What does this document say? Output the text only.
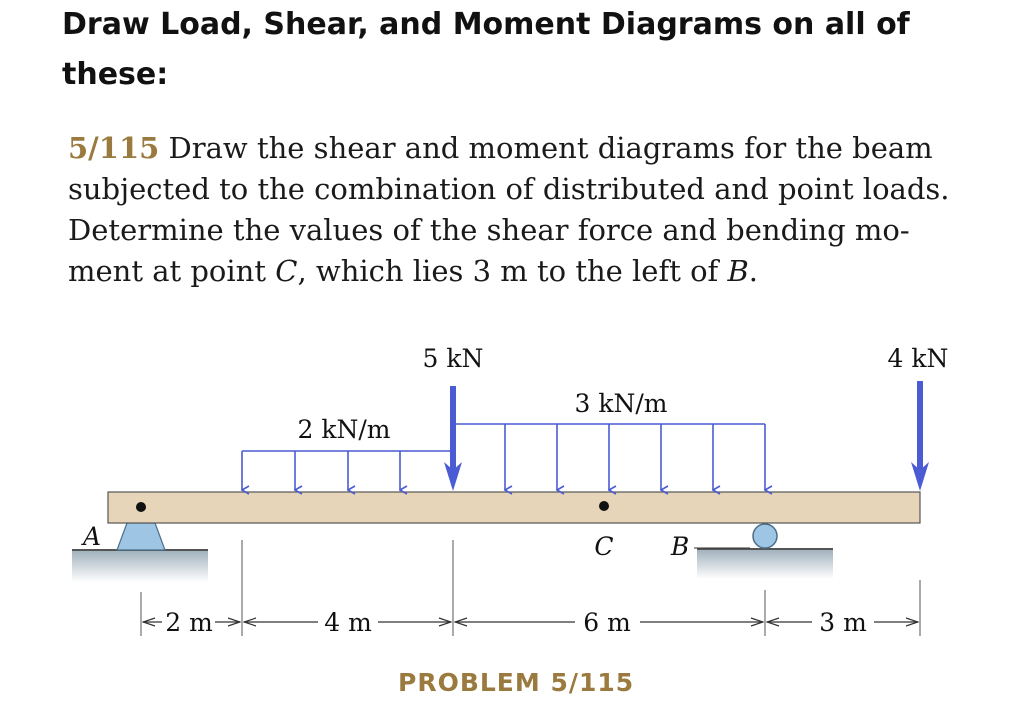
Draw Load, Shear, and Moment Diagrams on all of
these:
5/115 Draw the shear and moment diagrams for the beam
subjected to the combination of distributed and point loads.
Determine the values of the shear force and bending mo-
ment at point C, which lies 3 m to the left of B.
5 kN	4 kN
2 kN/m
3 kN/m
A	C B
2 m	4 m	6 m	3 m
PROBLEM 5/115
